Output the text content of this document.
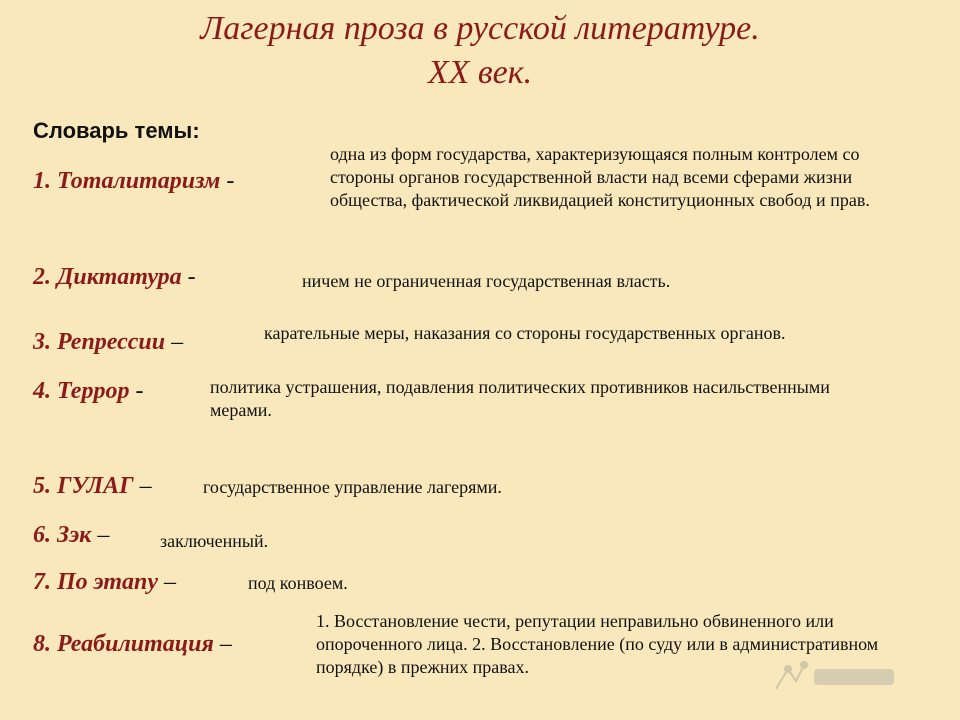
Лагерная проза в русской литературе.
XX век.
Словарь темы:
1. Тоталитаризм -
одна из форм государства, характеризующаяся полным контролем со стороны органов государственной власти над всеми сферами жизни общества, фактической ликвидацией конституционных свобод и прав.
2. Диктатура -	ничем не ограниченная государственная власть.
3. Репрессии –	карательные меры, наказания со стороны государственных органов.
4. Террор -	политика устрашения, подавления политических противников насильственными мерами.
5. ГУЛАГ –	государственное управление лагерями.
6. Зэк –	заключенный.
7. По этапу –	под конвоем.
8. Реабилитация –
1. Восстановление чести, репутации неправильно обвиненного или опороченного лица. 2. Восстановление (по суду или в административном порядке) в прежних правах.
